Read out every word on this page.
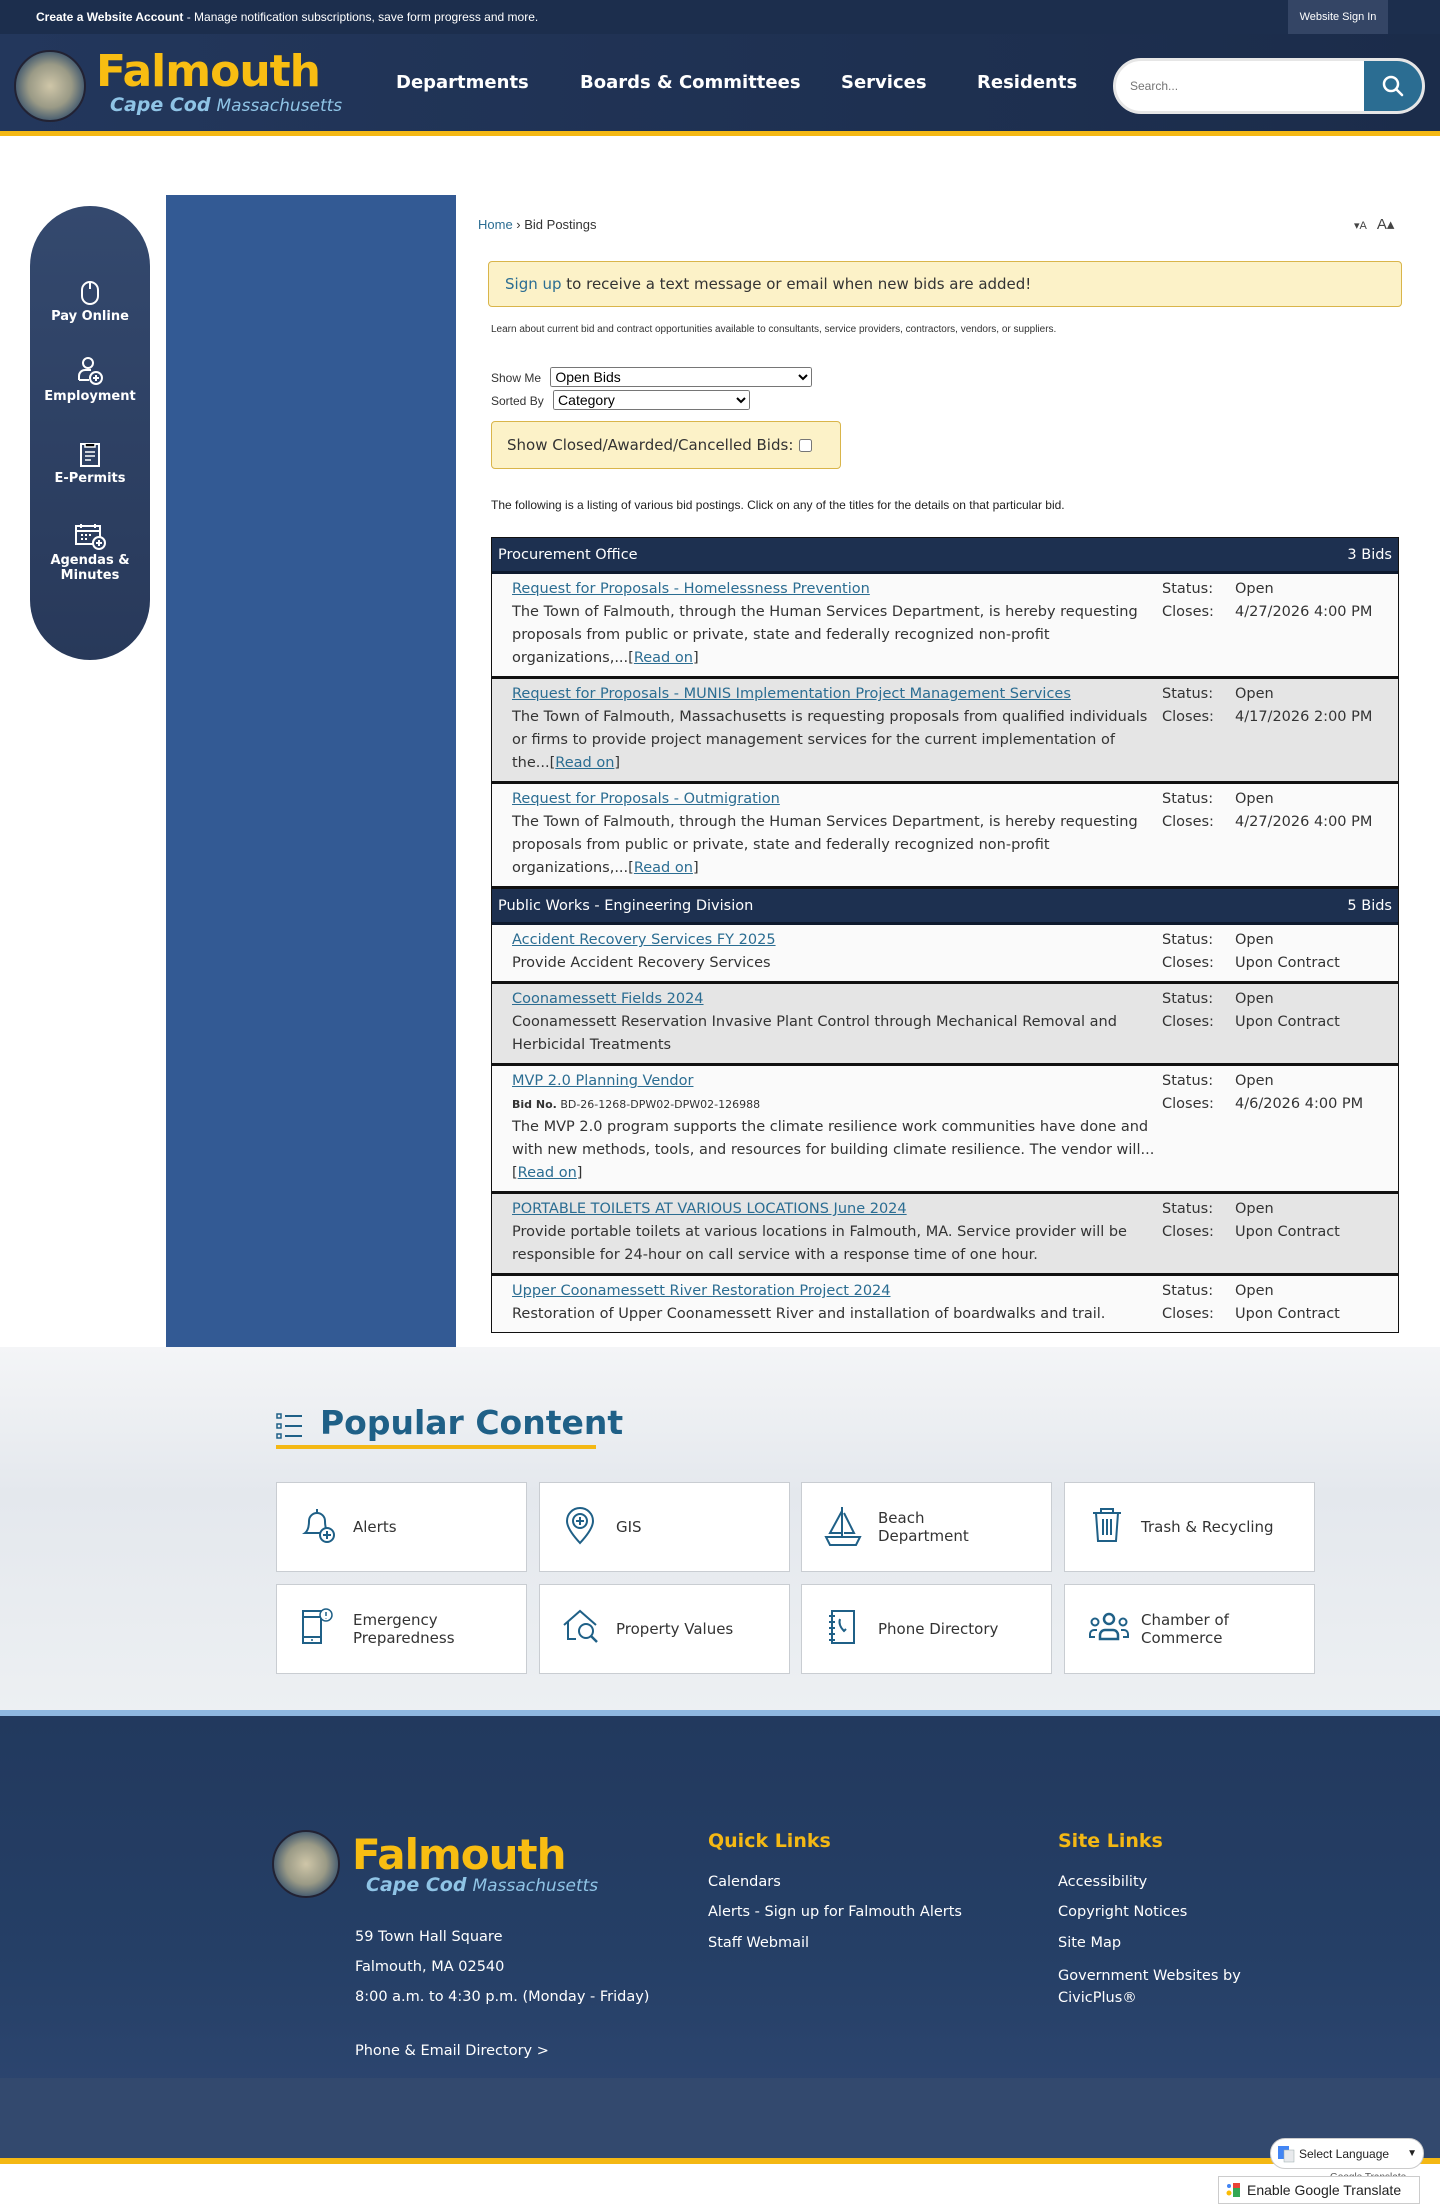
Create a Website Account - Manage notification subscriptions, save form progress and more.	Website Sign In
Falmouth
Cape Cod Massachusetts
Departments	Boards & Committees Services	Residents
Search...
Pay Online
Employment
E-Permits
Agendas &
Minutes
Home › Bid Postings	▾A A▴
Sign up to receive a text message or email when new bids are added!
Learn about current bid and contract opportunities available to consultants, service providers, contractors, vendors, or suppliers.
Show Me
Open Bids
Sorted By
Category
Show Closed/Awarded/Cancelled Bids:
The following is a listing of various bid postings. Click on any of the titles for the details on that particular bid.
Procurement Office	3 Bids
Request for Proposals - Homelessness Prevention
The Town of Falmouth, through the Human Services Department, is hereby requesting proposals from public or private, state and federally recognized non-profit organizations,...[Read on]
Status: Open
Closes: 4/27/2026 4:00 PM
Request for Proposals - MUNIS Implementation Project Management Services
The Town of Falmouth, Massachusetts is requesting proposals from qualified individuals or firms to provide project management services for the current implementation of the...[Read on]
Status: Open
Closes: 4/17/2026 2:00 PM
Request for Proposals - Outmigration
The Town of Falmouth, through the Human Services Department, is hereby requesting proposals from public or private, state and federally recognized non-profit organizations,...[Read on]
Status: Open
Closes: 4/27/2026 4:00 PM
Public Works - Engineering Division	5 Bids
Accident Recovery Services FY 2025
Provide Accident Recovery Services
Status: Open
Closes: Upon Contract
Coonamessett Fields 2024
Coonamessett Reservation Invasive Plant Control through Mechanical Removal and Herbicidal Treatments
Status: Open
Closes: Upon Contract
MVP 2.0 Planning Vendor
Bid No. BD-26-1268-DPW02-DPW02-126988
The MVP 2.0 program supports the climate resilience work communities have done and with new methods, tools, and resources for building climate resilience. The vendor will...[Read on]
Status: Open
Closes: 4/6/2026 4:00 PM
PORTABLE TOILETS AT VARIOUS LOCATIONS June 2024
Provide portable toilets at various locations in Falmouth, MA. Service provider will be responsible for 24-hour on call service with a response time of one hour.
Status: Open
Closes: Upon Contract
Upper Coonamessett River Restoration Project 2024
Restoration of Upper Coonamessett River and installation of boardwalks and trail.
Status: Open
Closes: Upon Contract
Popular Content
Alerts	GIS	Beach Department	Trash & Recycling
Emergency Preparedness	Property Values	Phone Directory	Chamber of Commerce
Falmouth
Cape Cod Massachusetts
59 Town Hall Square
Falmouth, MA 02540
8:00 a.m. to 4:30 p.m. (Monday - Friday)
Phone & Email Directory >
Quick Links
Calendars
Alerts - Sign up for Falmouth Alerts
Staff Webmail
Site Links
Accessibility
Copyright Notices
Site Map
Government Websites by
CivicPlus®
Select Language ▼
Enable Google Translate
